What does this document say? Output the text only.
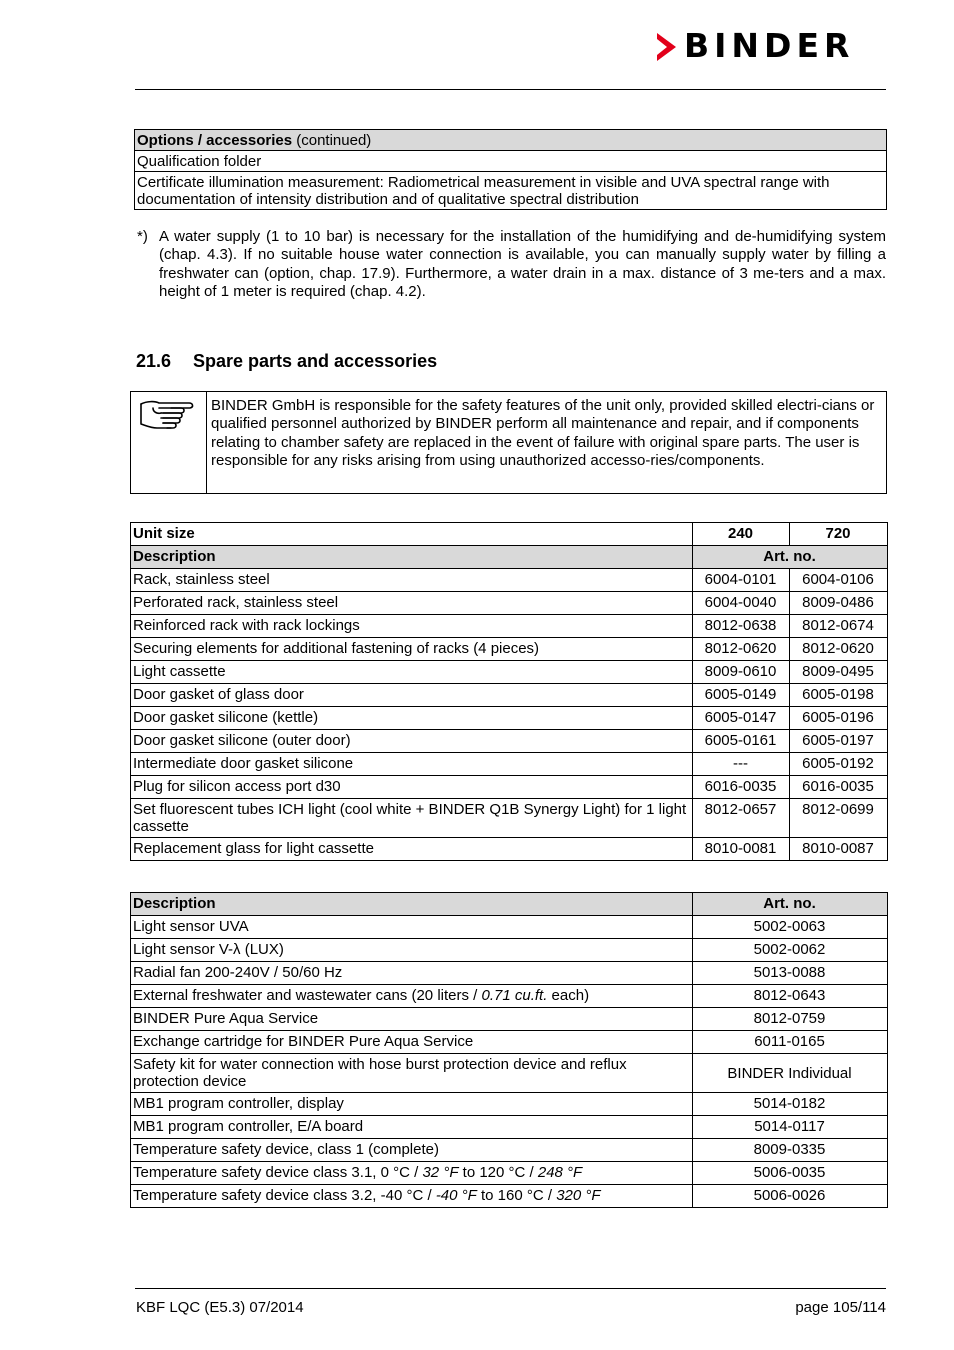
BINDER
Options / accessories (continued)
Qualification folder
Certificate illumination measurement: Radiometrical measurement in visible and UVA spectral range with documentation of intensity distribution and of qualitative spectral distribution
*) A water supply (1 to 10 bar) is necessary for the installation of the humidifying and de-humidifying system (chap. 4.3). If no suitable house water connection is available, you can manually supply water by filling a freshwater can (option, chap. 17.9). Furthermore, a water drain in a max. distance of 3 me-ters and a max. height of 1 meter is required (chap. 4.2).
21.6 Spare parts and accessories
BINDER GmbH is responsible for the safety features of the unit only, provided skilled electri-cians or qualified personnel authorized by BINDER perform all maintenance and repair, and if components relating to chamber safety are replaced in the event of failure with original spare parts. The user is responsible for any risks arising from using unauthorized accesso-ries/components.
Unit size	240	720
Description	Art. no.	
Rack, stainless steel	6004-0101	6004-0106
Perforated rack, stainless steel	6004-0040	8009-0486
Reinforced rack with rack lockings	8012-0638	8012-0674
Securing elements for additional fastening of racks (4 pieces)	8012-0620	8012-0620
Light cassette	8009-0610	8009-0495
Door gasket of glass door	6005-0149	6005-0198
Door gasket silicone (kettle)	6005-0147	6005-0196
Door gasket silicone (outer door)	6005-0161	6005-0197
Intermediate door gasket silicone	---	6005-0192
Plug for silicon access port d30	6016-0035	6016-0035
Set fluorescent tubes ICH light (cool white + BINDER Q1B Synergy Light) for 1 light cassette	8012-0657	8012-0699
Replacement glass for light cassette	8010-0081	8010-0087
Description	Art. no.
Light sensor UVA	5002-0063
Light sensor V-λ (LUX)	5002-0062
Radial fan 200-240V / 50/60 Hz	5013-0088
External freshwater and wastewater cans (20 liters / 0.71 cu.ft. each)	8012-0643
BINDER Pure Aqua Service	8012-0759
Exchange cartridge for BINDER Pure Aqua Service	6011-0165
Safety kit for water connection with hose burst protection device and reflux protection device	BINDER Individual
MB1 program controller, display	5014-0182
MB1 program controller, E/A board	5014-0117
Temperature safety device, class 1 (complete)	8009-0335
Temperature safety device class 3.1, 0 °C / 32 °F to 120 °C / 248 °F	5006-0035
Temperature safety device class 3.2, -40 °C / -40 °F to 160 °C / 320 °F	5006-0026
KBF LQC (E5.3) 07/2014	page 105/114
